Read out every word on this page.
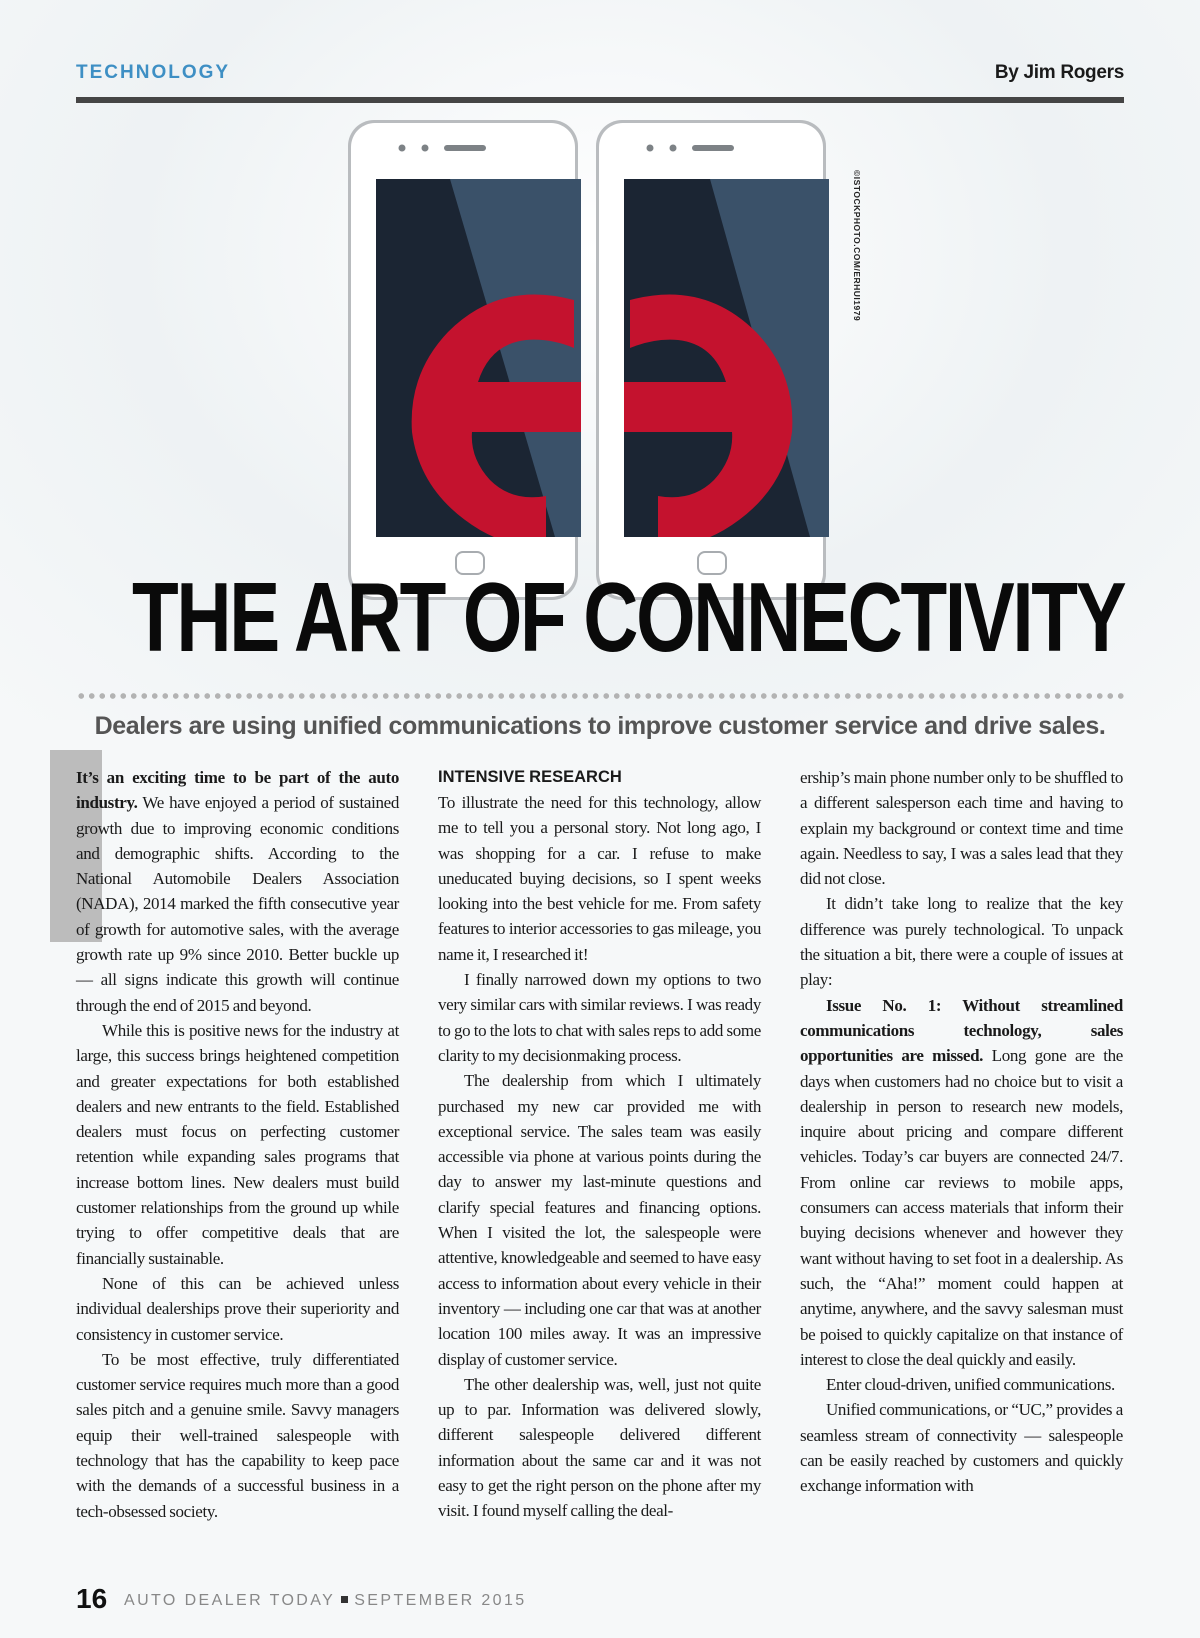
TECHNOLOGY	By Jim Rogers
©ISTOCKPHOTO.COM/ERHUI1979
THE ART OF CONNECTIVITY
Dealers are using unified communications to improve customer service and drive sales.

It’s an exciting time to be part of the auto industry. We have enjoyed a period of sustained growth due to improving economic conditions and demographic shifts. According to the National Automobile Dealers Association (NADA), 2014 marked the fifth consecutive year of growth for automotive sales, with the average growth rate up 9% since 2010. Better buckle up — all signs indicate this growth will continue through the end of 2015 and beyond.

While this is positive news for the industry at large, this success brings heightened competition and greater expectations for both established dealers and new entrants to the field. Established dealers must focus on perfecting customer retention while expanding sales programs that increase bottom lines. New dealers must build customer relationships from the ground up while trying to offer competitive deals that are financially sustainable.

None of this can be achieved unless individual dealerships prove their superiority and consistency in customer service.

To be most effective, truly differentiated customer service requires much more than a good sales pitch and a genuine smile. Savvy managers equip their well-trained salespeople with technology that has the capability to keep pace with the demands of a successful business in a tech-obsessed society.

INTENSIVE RESEARCH

To illustrate the need for this technology, allow me to tell you a personal story. Not long ago, I was shopping for a car. I refuse to make uneducated buying decisions, so I spent weeks looking into the best vehicle for me. From safety features to interior accessories to gas mileage, you name it, I researched it!

I finally narrowed down my options to two very similar cars with similar reviews. I was ready to go to the lots to chat with sales reps to add some clarity to my decisionmaking process.

The dealership from which I ultimately purchased my new car provided me with exceptional service. The sales team was easily accessible via phone at various points during the day to answer my last-minute questions and clarify special features and financing options. When I visited the lot, the salespeople were attentive, knowledgeable and seemed to have easy access to information about every vehicle in their inventory — including one car that was at another location 100 miles away. It was an impressive display of customer service.

The other dealership was, well, just not quite up to par. Information was delivered slowly, different salespeople delivered different information about the same car and it was not easy to get the right person on the phone after my visit. I found myself calling the deal-

ership’s main phone number only to be shuffled to a different salesperson each time and having to explain my background or context time and time again. Needless to say, I was a sales lead that they did not close.

It didn’t take long to realize that the key difference was purely technological. To unpack the situation a bit, there were a couple of issues at play:

Issue No. 1: Without streamlined communications technology, sales opportunities are missed. Long gone are the days when customers had no choice but to visit a dealership in person to research new models, inquire about pricing and compare different vehicles. Today’s car buyers are connected 24/7. From online car reviews to mobile apps, consumers can access materials that inform their buying decisions whenever and however they want without having to set foot in a dealership. As such, the “Aha!” moment could happen at anytime, anywhere, and the savvy salesman must be poised to quickly capitalize on that instance of interest to close the deal quickly and easily.

Enter cloud-driven, unified communications.

Unified communications, or “UC,” provides a seamless stream of connectivity — salespeople can be easily reached by customers and quickly exchange information with

16 AUTO DEALER TODAY SEPTEMBER 2015
